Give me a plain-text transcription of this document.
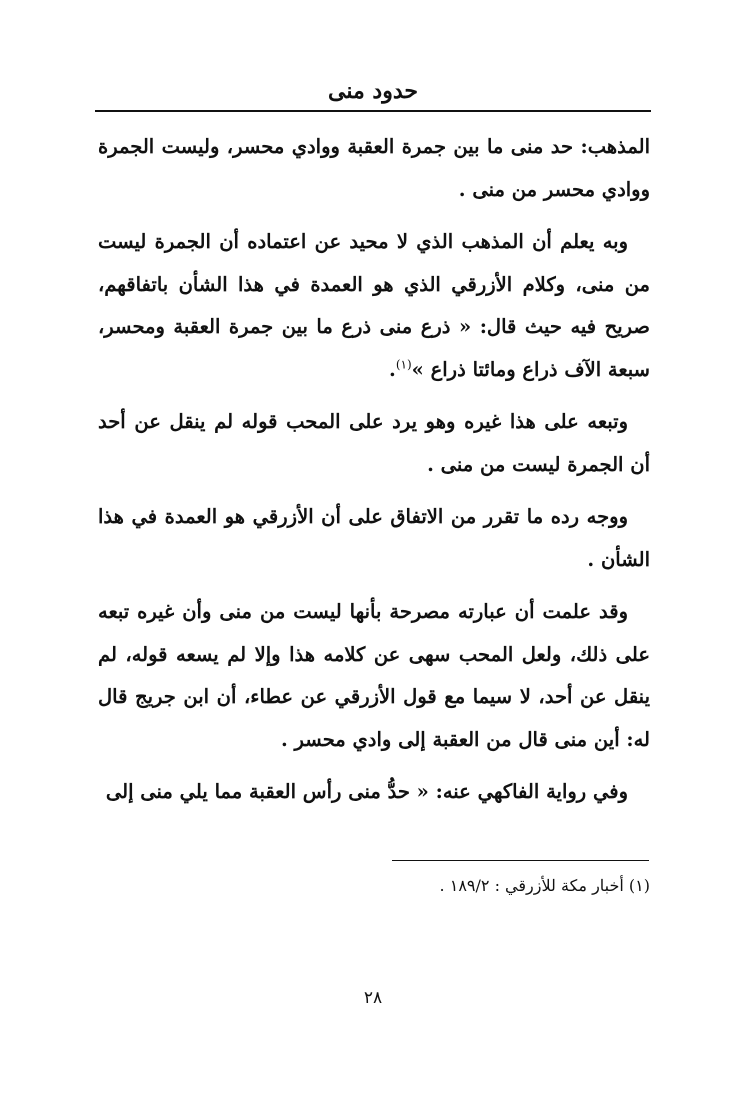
حدود منى

المذهب: حد منى ما بين جمرة العقبة ووادي محسر، وليست الجمرة ووادي محسر من منى .

وبه يعلم أن المذهب الذي لا محيد عن اعتماده أن الجمرة ليست من منى، وكلام الأزرقي الذي هو العمدة في هذا الشأن باتفاقهم، صريح فيه حيث قال: « ذرع منى ذرع ما بين جمرة العقبة ومحسر، سبعة الآف ذراع ومائتا ذراع »$^{(١)}$.

وتبعه على هذا غيره وهو يرد على المحب قوله لم ينقل عن أحد أن الجمرة ليست من منى .

ووجه رده ما تقرر من الاتفاق على أن الأزرقي هو العمدة في هذا الشأن .

وقد علمت أن عبارته مصرحة بأنها ليست من منى وأن غيره تبعه على ذلك، ولعل المحب سهى عن كلامه هذا وإلا لم يسعه قوله، لم ينقل عن أحد، لا سيما مع قول الأزرقي عن عطاء، أن ابن جريج قال له: أين منى قال من العقبة إلى وادي محسر .

وفي رواية الفاكهي عنه: « حدُّ منى رأس العقبة مما يلي منى إلى

(١) أخبار مكة للأزرقي : ١٨٩/٢ .

٢٨
